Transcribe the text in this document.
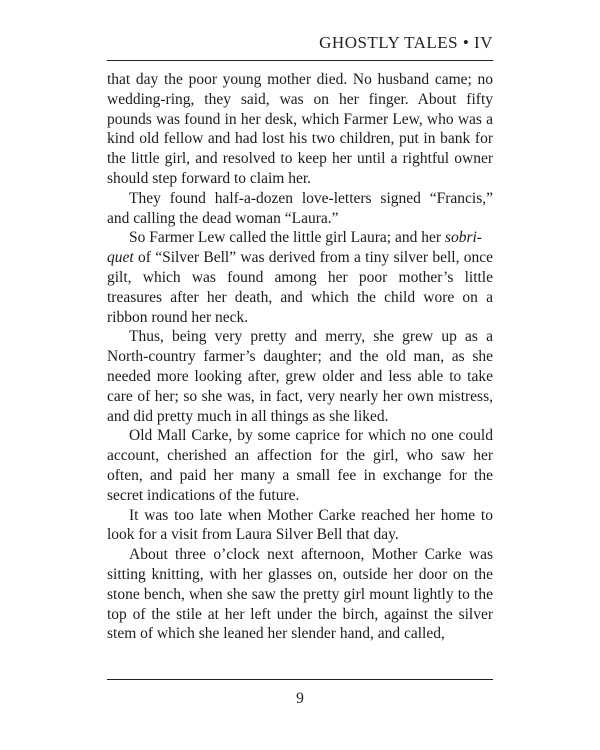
GHOSTLY TALES • IV

that day the poor young mother died. No husband came; no wedding-ring, they said, was on her finger. About fifty pounds was found in her desk, which Farmer Lew, who was a kind old fellow and had lost his two children, put in bank for the little girl, and resolved to keep her until a rightful owner should step forward to claim her.

They found half-a-dozen love-letters signed “Francis,” and calling the dead woman “Laura.”

So Farmer Lew called the little girl Laura; and her sobri-
quet of “Silver Bell” was derived from a tiny silver bell, once gilt, which was found among her poor mother’s little treasures after her death, and which the child wore on a ribbon round her neck.

Thus, being very pretty and merry, she grew up as a North-country farmer’s daughter; and the old man, as she needed more looking after, grew older and less able to take care of her; so she was, in fact, very nearly her own mistress, and did pretty much in all things as she liked.

Old Mall Carke, by some caprice for which no one could account, cherished an affection for the girl, who saw her often, and paid her many a small fee in exchange for the secret indications of the future.

It was too late when Mother Carke reached her home to look for a visit from Laura Silver Bell that day.

About three o’clock next afternoon, Mother Carke was sitting knitting, with her glasses on, outside her door on the stone bench, when she saw the pretty girl mount lightly to the top of the stile at her left under the birch, against the silver stem of which she leaned her slender hand, and called,

9
